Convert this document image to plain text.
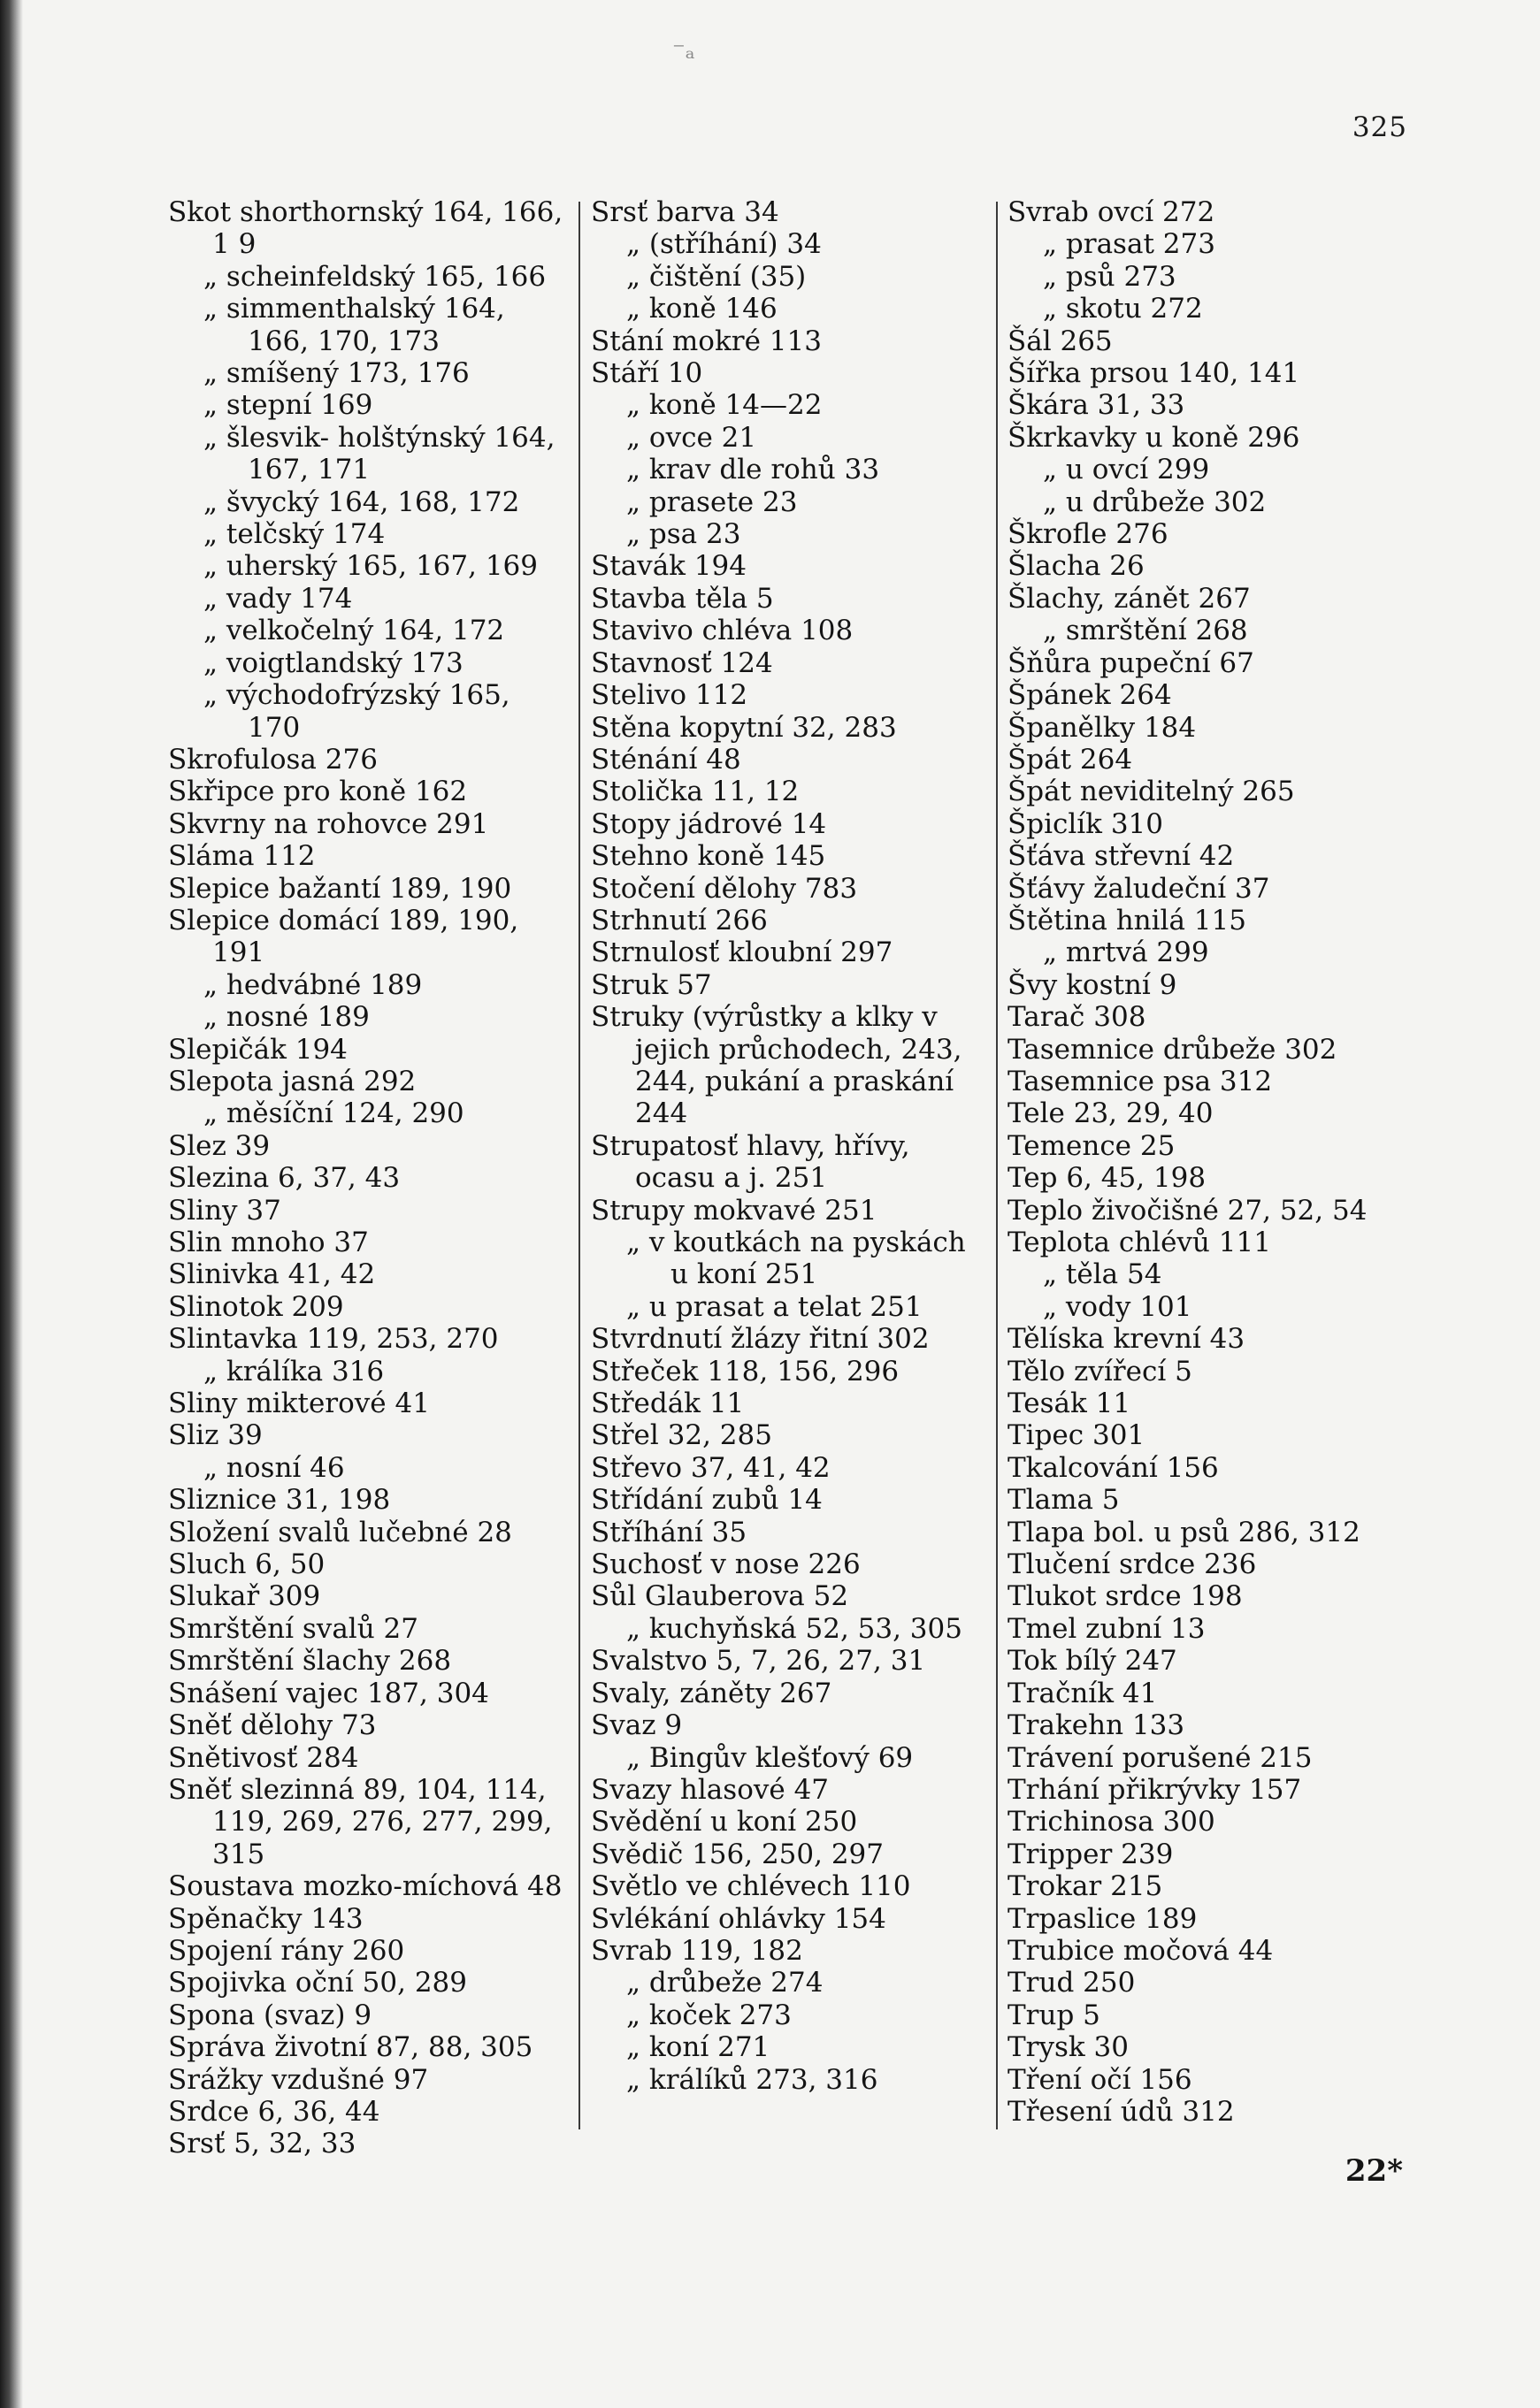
⁻ₐ
325

Skot shorthornský 164, 166, 1 9

„ scheinfeldský 165, 166

„ simmenthalský 164, 166, 170, 173

„ smíšený 173, 176

„ stepní 169

„ šlesvik- holštýnský 164, 167, 171

„ švycký 164, 168, 172

„ telčský 174

„ uherský 165, 167, 169

„ vady 174

„ velkočelný 164, 172

„ voigtlandský 173

„ východofrýzský 165, 170

Skrofulosa 276

Skřipce pro koně 162

Skvrny na rohovce 291

Sláma 112

Slepice bažantí 189, 190

Slepice domácí 189, 190, 191

„ hedvábné 189

„ nosné 189

Slepičák 194

Slepota jasná 292

„ měsíční 124, 290

Slez 39

Slezina 6, 37, 43

Sliny 37

Slin mnoho 37

Slinivka 41, 42

Slinotok 209

Slintavka 119, 253, 270

„ králíka 316

Sliny mikterové 41

Sliz 39

„ nosní 46

Sliznice 31, 198

Složení svalů lučebné 28

Sluch 6, 50

Slukař 309

Smrštění svalů 27

Smrštění šlachy 268

Snášení vajec 187, 304

Sněť dělohy 73

Snětivosť 284

Sněť slezinná 89, 104, 114, 119, 269, 276, 277, 299, 315

Soustava mozko-míchová 48

Spěnačky 143

Spojení rány 260

Spojivka oční 50, 289

Spona (svaz) 9

Správa životní 87, 88, 305

Srážky vzdušné 97

Srdce 6, 36, 44

Srsť 5, 32, 33

Srsť barva 34

„ (stříhání) 34

„ čištění (35)

„ koně 146

Stání mokré 113

Stáří 10

„ koně 14—22

„ ovce 21

„ krav dle rohů 33

„ prasete 23

„ psa 23

Stavák 194

Stavba těla 5

Stavivo chléva 108

Stavnosť 124

Stelivo 112

Stěna kopytní 32, 283

Sténání 48

Stolička 11, 12

Stopy jádrové 14

Stehno koně 145

Stočení dělohy 783

Strhnutí 266

Strnulosť kloubní 297

Struk 57

Struky (výrůstky a klky v jejich průchodech, 243, 244, pukání a praskání 244

Strupatosť hlavy, hřívy, ocasu a j. 251

Strupy mokvavé 251

„ v koutkách na pyskách u koní 251

„ u prasat a telat 251

Stvrdnutí žlázy řitní 302

Střeček 118, 156, 296

Středák 11

Střel 32, 285

Střevo 37, 41, 42

Střídání zubů 14

Stříhání 35

Suchosť v nose 226

Sůl Glauberova 52

„ kuchyňská 52, 53, 305

Svalstvo 5, 7, 26, 27, 31

Svaly, záněty 267

Svaz 9

„ Bingův klešťový 69

Svazy hlasové 47

Svědění u koní 250

Svědič 156, 250, 297

Světlo ve chlévech 110

Svlékání ohlávky 154

Svrab 119, 182

„ drůbeže 274

„ koček 273

„ koní 271

„ králíků 273, 316

Svrab ovcí 272

„ prasat 273

„ psů 273

„ skotu 272

Šál 265

Šířka prsou 140, 141

Škára 31, 33

Škrkavky u koně 296

„ u ovcí 299

„ u drůbeže 302

Škrofle 276

Šlacha 26

Šlachy, zánět 267

„ smrštění 268

Šňůra pupeční 67

Špánek 264

Španělky 184

Špát 264

Špát neviditelný 265

Špiclík 310

Šťáva střevní 42

Šťávy žaludeční 37

Štětina hnilá 115

„ mrtvá 299

Švy kostní 9

Tarač 308

Tasemnice drůbeže 302

Tasemnice psa 312

Tele 23, 29, 40

Temence 25

Tep 6, 45, 198

Teplo živočišné 27, 52, 54

Teplota chlévů 111

„ těla 54

„ vody 101

Tělíska krevní 43

Tělo zvířecí 5

Tesák 11

Tipec 301

Tkalcování 156

Tlama 5

Tlapa bol. u psů 286, 312

Tlučení srdce 236

Tlukot srdce 198

Tmel zubní 13

Tok bílý 247

Tračník 41

Trakehn 133

Trávení porušené 215

Trhání přikrývky 157

Trichinosa 300

Tripper 239

Trokar 215

Trpaslice 189

Trubice močová 44

Trud 250

Trup 5

Trysk 30

Tření očí 156

Třesení údů 312

22*
